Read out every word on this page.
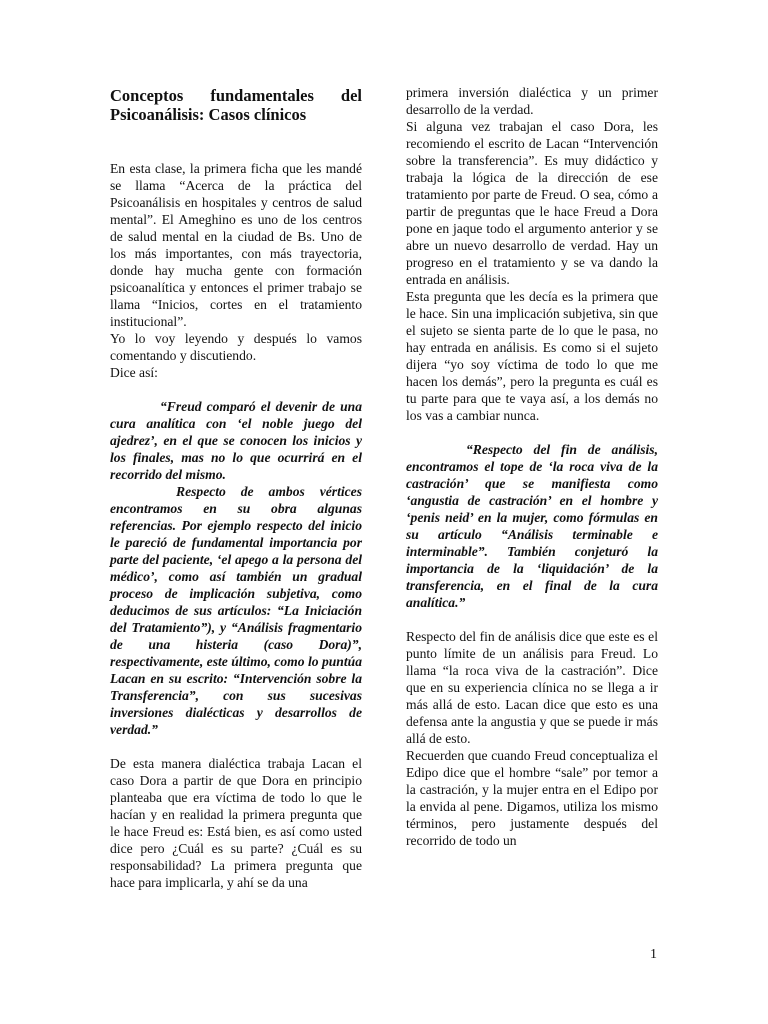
Conceptos fundamentales del Psicoanálisis: Casos clínicos

En esta clase, la primera ficha que les mandé se llama “Acerca de la práctica del Psicoanálisis en hospitales y centros de salud mental”. El Ameghino es uno de los centros de salud mental en la ciudad de Bs. Uno de los más importantes, con más trayectoria, donde hay mucha gente con formación psicoanalítica y entonces el primer trabajo se llama “Inicios, cortes en el tratamiento institucional”.

Yo lo voy leyendo y después lo vamos comentando y discutiendo.

Dice así:

“Freud comparó el devenir de una cura analítica con ‘el noble juego del ajedrez’, en el que se conocen los inicios y los finales, mas no lo que ocurrirá en el recorrido del mismo.

Respecto de ambos vértices encontramos en su obra algunas referencias. Por ejemplo respecto del inicio le pareció de fundamental importancia por parte del paciente, ‘el apego a la persona del médico’, como así también un gradual proceso de implicación subjetiva, como deducimos de sus artículos: “La Iniciación del Tratamiento”), y “Análisis fragmentario de una histeria (caso Dora)”, respectivamente, este último, como lo puntúa Lacan en su escrito: “Intervención sobre la Transferencia”, con sus sucesivas inversiones dialécticas y desarrollos de verdad.”

De esta manera dialéctica trabaja Lacan el caso Dora a partir de que Dora en principio planteaba que era víctima de todo lo que le hacían y en realidad la primera pregunta que le hace Freud es: Está bien, es así como usted dice pero ¿Cuál es su parte? ¿Cuál es su responsabilidad? La primera pregunta que hace para implicarla, y ahí se da una

primera inversión dialéctica y un primer desarrollo de la verdad.

Si alguna vez trabajan el caso Dora, les recomiendo el escrito de Lacan “Intervención sobre la transferencia”. Es muy didáctico y trabaja la lógica de la dirección de ese tratamiento por parte de Freud. O sea, cómo a partir de preguntas que le hace Freud a Dora pone en jaque todo el argumento anterior y se abre un nuevo desarrollo de verdad. Hay un progreso en el tratamiento y se va dando la entrada en análisis.

Esta pregunta que les decía es la primera que le hace. Sin una implicación subjetiva, sin que el sujeto se sienta parte de lo que le pasa, no hay entrada en análisis. Es como si el sujeto dijera “yo soy víctima de todo lo que me hacen los demás”, pero la pregunta es cuál es tu parte para que te vaya así, a los demás no los vas a cambiar nunca.

“Respecto del fin de análisis, encontramos el tope de ‘la roca viva de la castración’ que se manifiesta como ‘angustia de castración’ en el hombre y ‘penis neid’ en la mujer, como fórmulas en su artículo “Análisis terminable e interminable”. También conjeturó la importancia de la ‘liquidación’ de la transferencia, en el final de la cura analítica.”

Respecto del fin de análisis dice que este es el punto límite de un análisis para Freud. Lo llama “la roca viva de la castración”. Dice que en su experiencia clínica no se llega a ir más allá de esto. Lacan dice que esto es una defensa ante la angustia y que se puede ir más allá de esto.

Recuerden que cuando Freud conceptualiza el Edipo dice que el hombre “sale” por temor a la castración, y la mujer entra en el Edipo por la envida al pene. Digamos, utiliza los mismo términos, pero justamente después del recorrido de todo un

1
